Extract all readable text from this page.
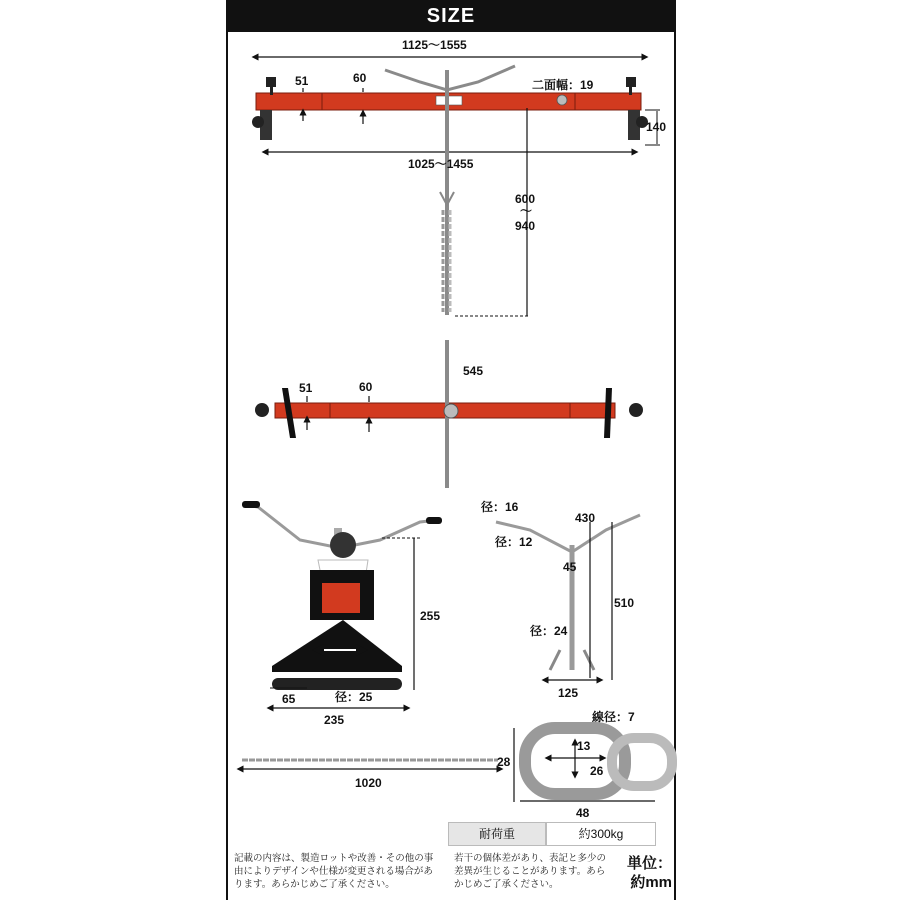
SIZE
1125～1555
51	60	二面幅：19
140
1025～1455
600
～
940
545
51	60
255
65	径：25
235
径：16
径：12
430
45
510
径：24
125
1020
線径：7
13
26
28
48
耐荷重	約300kg
記載の内容は、製造ロットや改善・その他の事由によりデザインや仕様が変更される場合があります。あらかじめご了承ください。
若干の個体差があり、表記と多少の差異が生じることがあります。あらかじめご了承ください。
単位：
約mm
